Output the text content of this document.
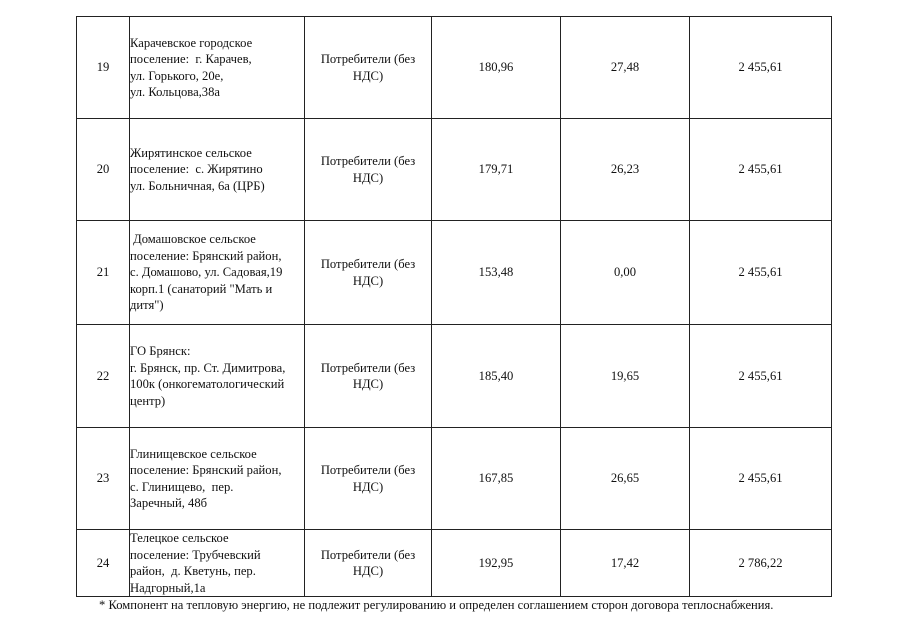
19	Карачевское городское
поселение:  г. Карачев,
ул. Горького, 20е,
ул. Кольцова,38а	Потребители (без
НДС)	180,96	27,48	2 455,61
20	Жирятинское сельское
поселение:  с. Жирятино
ул. Больничная, 6а (ЦРБ)	Потребители (без
НДС)	179,71	26,23	2 455,61
21	Домашовское сельское
поселение: Брянский район,
с. Домашово, ул. Садовая,19
корп.1 (санаторий "Мать и
дитя")	Потребители (без
НДС)	153,48	0,00	2 455,61
22	ГО Брянск:
г. Брянск, пр. Ст. Димитрова,
100к (онкогематологический
центр)	Потребители (без
НДС)	185,40	19,65	2 455,61
23	Глинищевское сельское
поселение: Брянский район,
с. Глинищево,  пер.
Заречный, 48б	Потребители (без
НДС)	167,85	26,65	2 455,61
24	Телецкое сельское
поселение: Трубчевский
район,  д. Кветунь, пер.
Надгорный,1а	Потребители (без
НДС)	192,95	17,42	2 786,22
* Компонент на тепловую энергию, не подлежит регулированию и определен соглашением сторон договора теплоснабжения.
